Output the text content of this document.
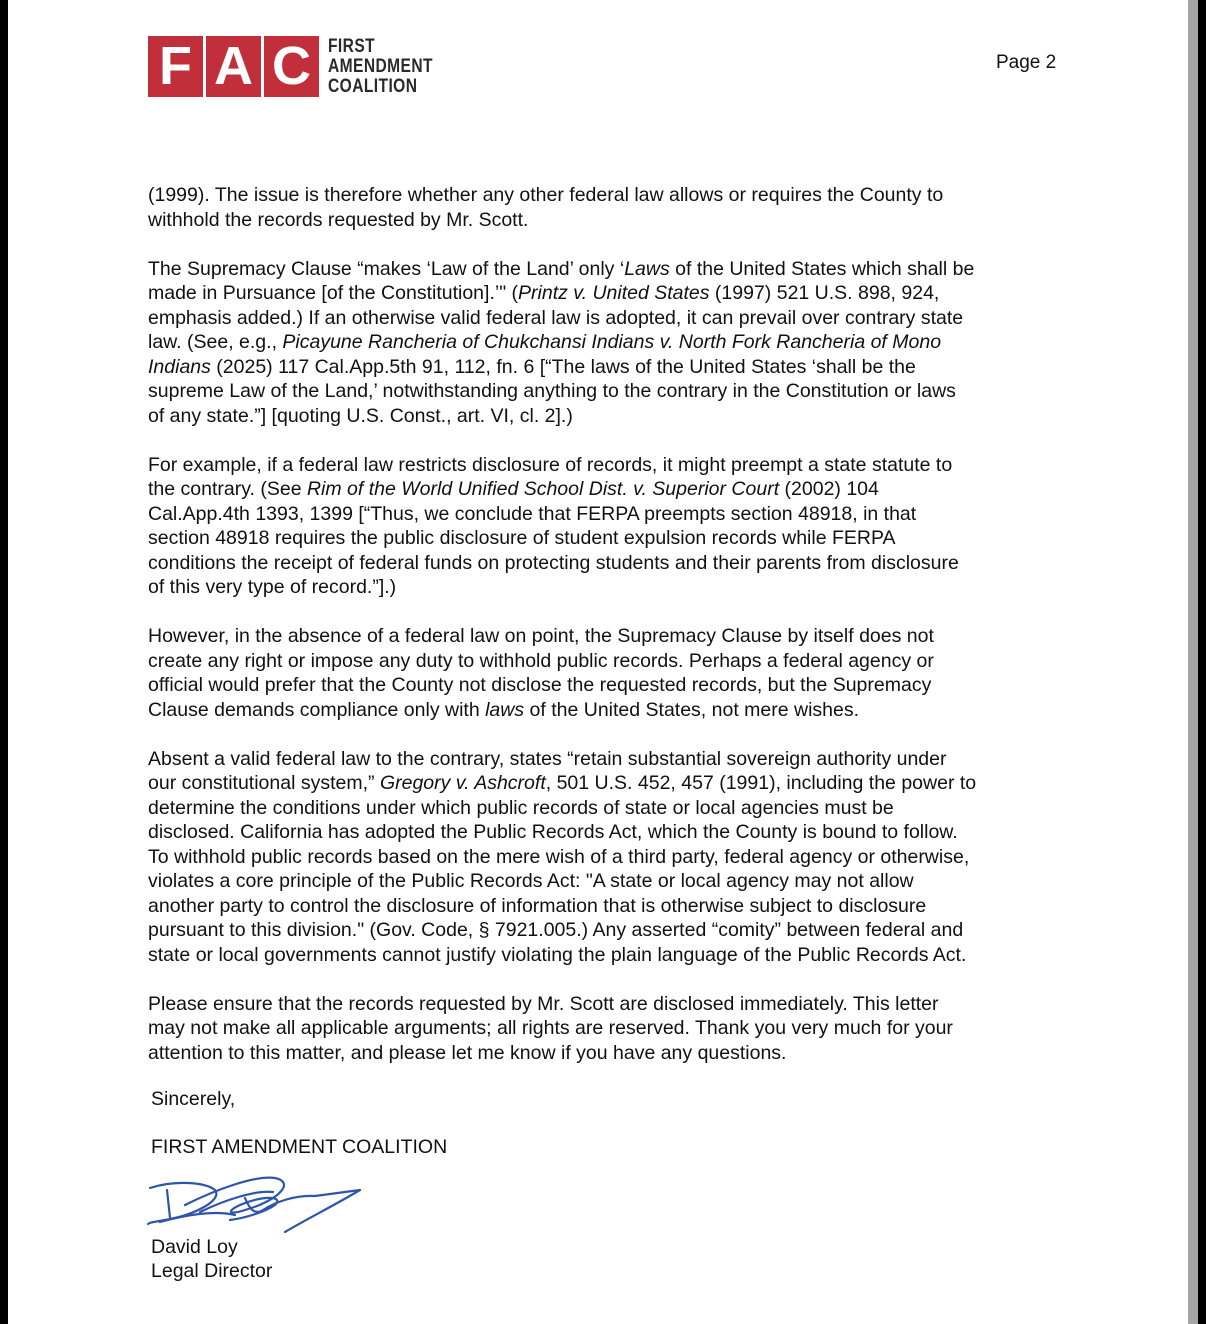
F A C FIRST
AMENDMENT
COALITION
Page 2
(1999). The issue is therefore whether any other federal law allows or requires the County to
withhold the records requested by Mr. Scott.
The Supremacy Clause “makes ‘Law of the Land’ only ‘Laws of the United States which shall be
made in Pursuance [of the Constitution].’" (Printz v. United States (1997) 521 U.S. 898, 924,
emphasis added.) If an otherwise valid federal law is adopted, it can prevail over contrary state
law. (See, e.g., Picayune Rancheria of Chukchansi Indians v. North Fork Rancheria of Mono
Indians (2025) 117 Cal.App.5th 91, 112, fn. 6 [“The laws of the United States ‘shall be the
supreme Law of the Land,’ notwithstanding anything to the contrary in the Constitution or laws
of any state.”] [quoting U.S. Const., art. VI, cl. 2].)
For example, if a federal law restricts disclosure of records, it might preempt a state statute to
the contrary. (See Rim of the World Unified School Dist. v. Superior Court (2002) 104
Cal.App.4th 1393, 1399 [“Thus, we conclude that FERPA preempts section 48918, in that
section 48918 requires the public disclosure of student expulsion records while FERPA
conditions the receipt of federal funds on protecting students and their parents from disclosure
of this very type of record.”].)
However, in the absence of a federal law on point, the Supremacy Clause by itself does not
create any right or impose any duty to withhold public records. Perhaps a federal agency or
official would prefer that the County not disclose the requested records, but the Supremacy
Clause demands compliance only with laws of the United States, not mere wishes.
Absent a valid federal law to the contrary, states “retain substantial sovereign authority under
our constitutional system,” Gregory v. Ashcroft, 501 U.S. 452, 457 (1991), including the power to
determine the conditions under which public records of state or local agencies must be
disclosed. California has adopted the Public Records Act, which the County is bound to follow.
To withhold public records based on the mere wish of a third party, federal agency or otherwise,
violates a core principle of the Public Records Act: "A state or local agency may not allow
another party to control the disclosure of information that is otherwise subject to disclosure
pursuant to this division." (Gov. Code, § 7921.005.) Any asserted “comity” between federal and
state or local governments cannot justify violating the plain language of the Public Records Act.
Please ensure that the records requested by Mr. Scott are disclosed immediately. This letter
may not make all applicable arguments; all rights are reserved. Thank you very much for your
attention to this matter, and please let me know if you have any questions.
Sincerely,
FIRST AMENDMENT COALITION
David Loy
Legal Director
